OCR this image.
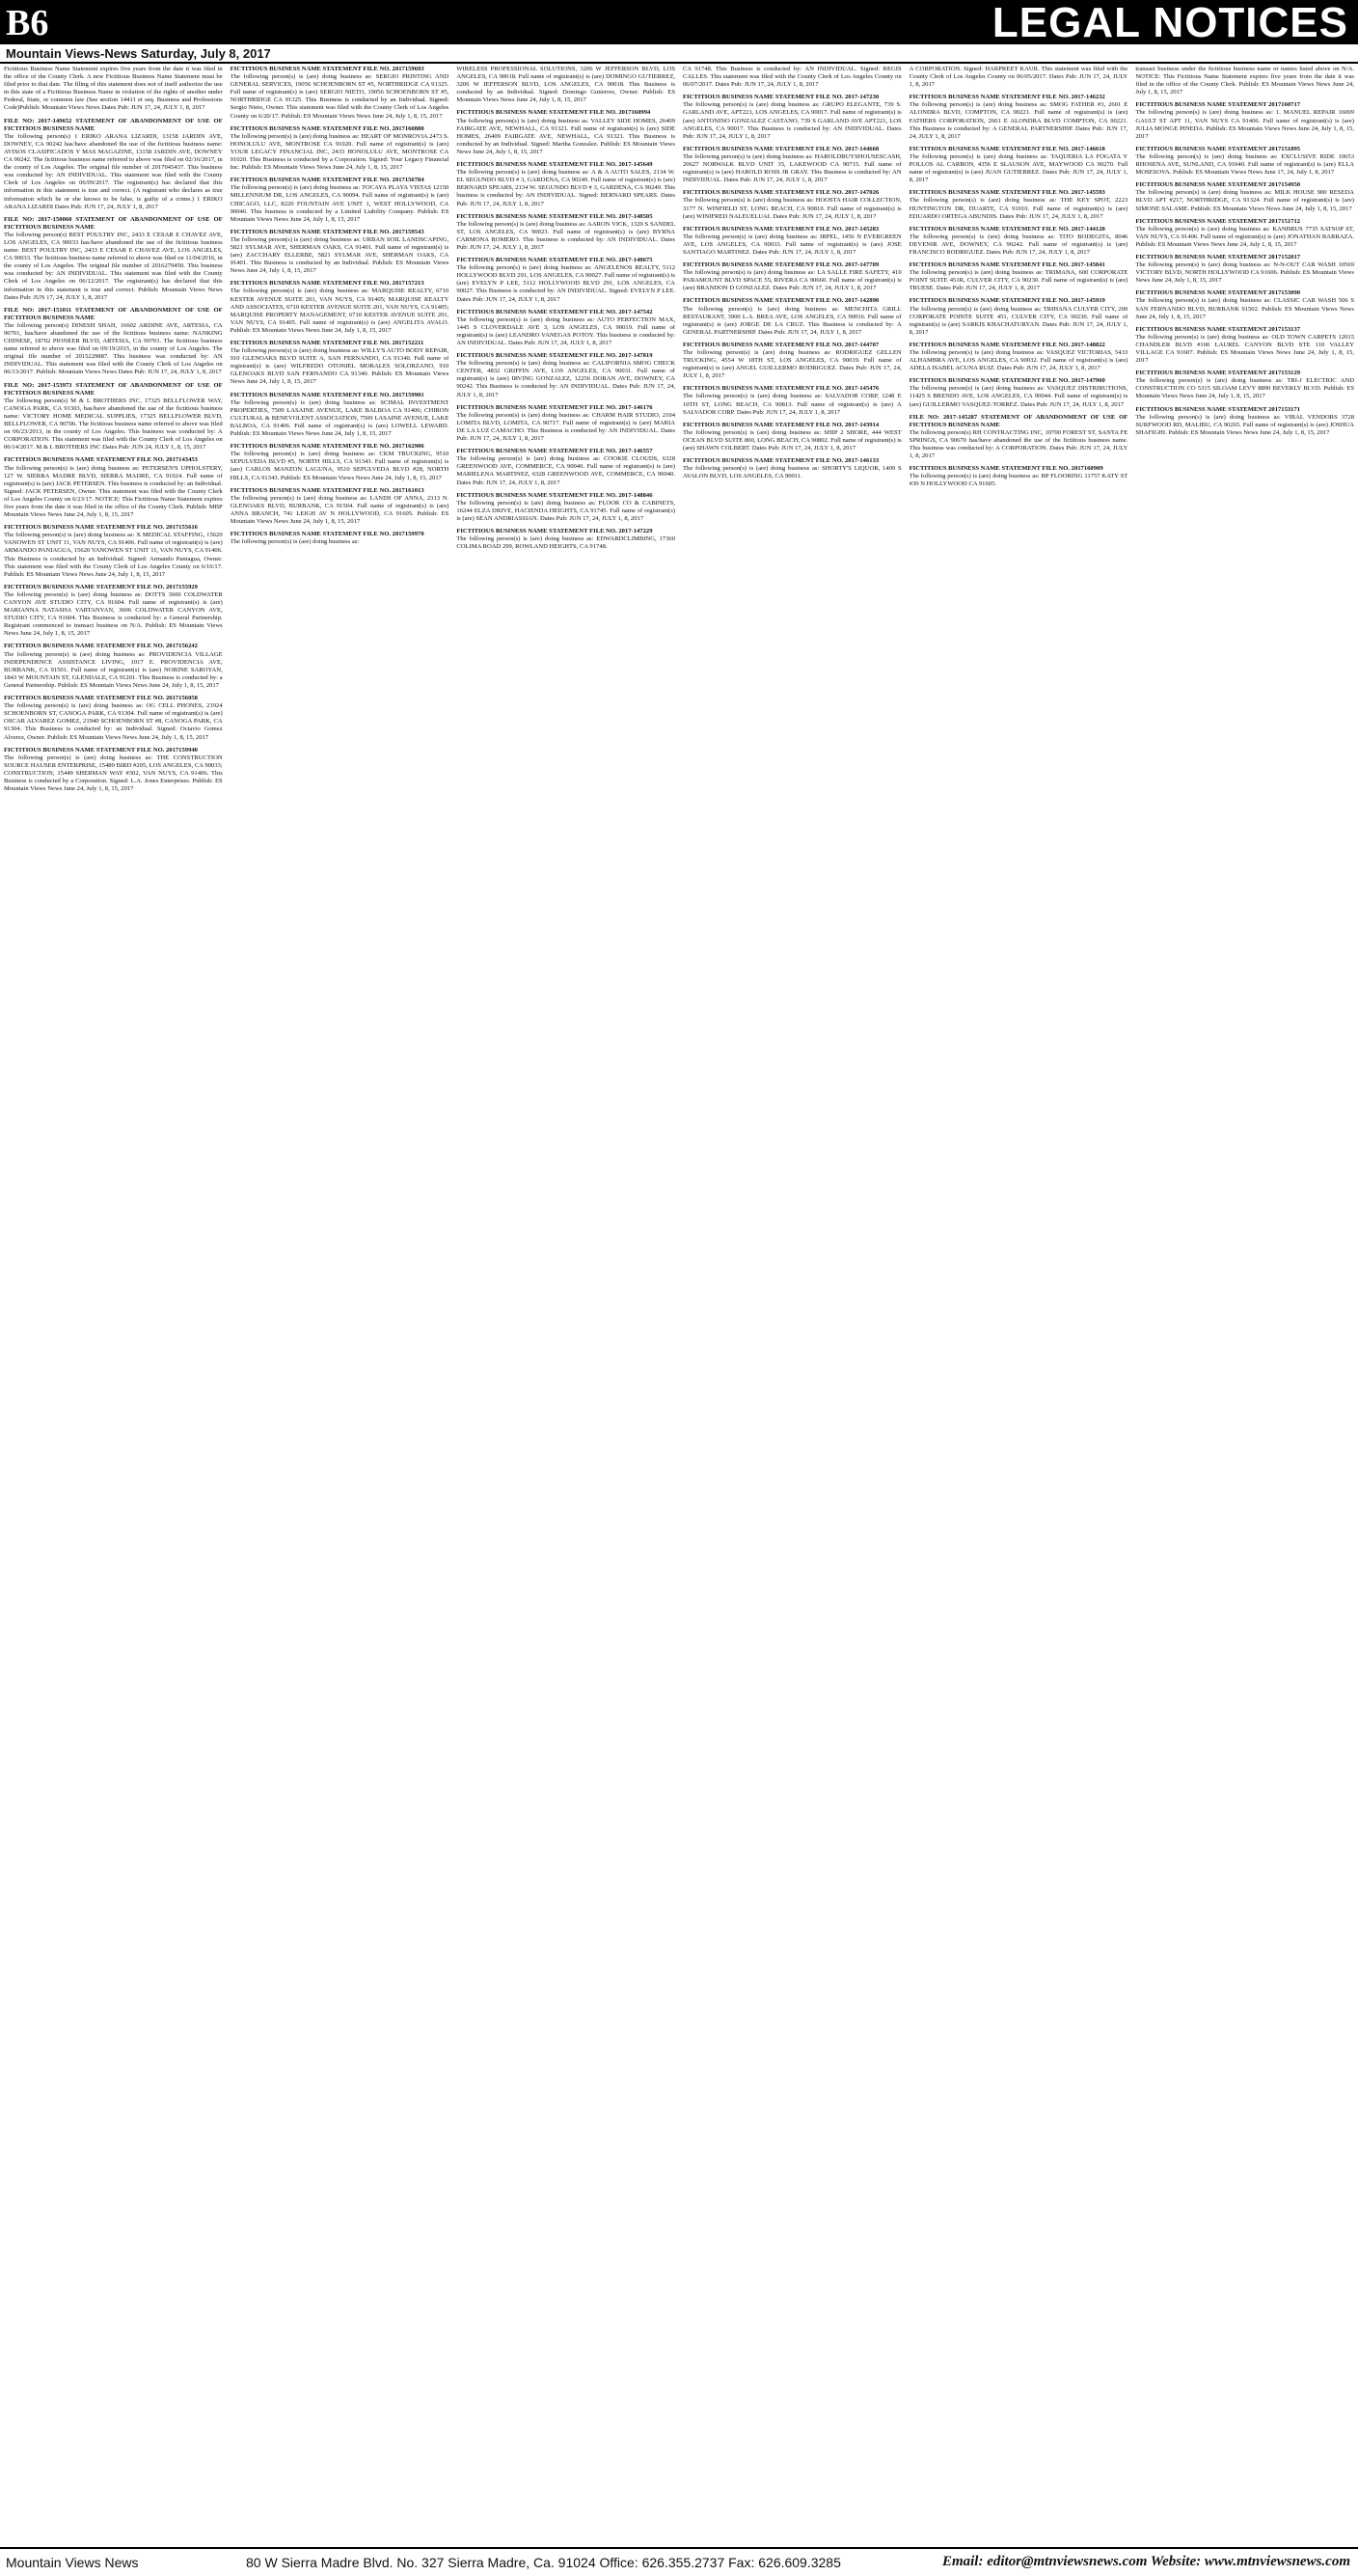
B6	LEGAL NOTICES
Mountain Views-News Saturday, July 8, 2017

Fictitious Business Name Statement expires five years from the date it was filed in the office of the County Clerk. A new Fictitious Business Name Statement must be filed prior to that date. The filing of this statement does not of itself authorize the use in this state of a Fictitious Business Name in violation of the rights of another under Federal, State, or common law (See section 14411 et seq. Business and Professions Code)Publish: Mountain Views News Dates Pub: JUN 17, 24, JULY 1, 8, 2017

FILE NO: 2017-149652 STATEMENT OF ABANDONMENT OF USE OF FICTITIOUS BUSINESS NAME

The following person(s) 1 ERIKO ARANA LIZARDI, 13158 JARDIN AVE, DOWNEY, CA 90242 has/have abandoned the use of the fictitious business name: AVISOS CLASIFICADOS Y MAS MAGAZINE, 13158 JARDIN AVE, DOWNEY CA 90242. The fictitious business name referred to above was filed on 02/16/2017, in the county of Los Angeles. The original file number of 2017045437. This business was conducted by: AN INDIVIDUAL. This statement was filed with the County Clerk of Los Angeles on 06/09/2017. The registrant(s) has declared that this information in this statement is true and correct. (A registrant who declares as true information which he or she knows to be false, is guilty of a crime.) 1 ERIKO ARANA LIZARDI Dates Pub: JUN 17, 24, JULY 1, 8, 2017

FILE NO: 2017-150060 STATEMENT OF ABANDONMENT OF USE OF FICTITIOUS BUSINESS NAME

The following person(s) BEST POULTRY INC, 2433 E CESAR E CHAVEZ AVE, LOS ANGELES, CA 90033 has/have abandoned the use of the fictitious business name: BEST POULTRY INC, 2433 E CESAR E CHAVEZ AVE, LOS ANGELES, CA 90033. The fictitious business name referred to above was filed on 11/04/2016, in the county of Los Angeles. The original file number of 2016279450. This business was conducted by: AN INDIVIDUAL. This statement was filed with the County Clerk of Los Angeles on 06/12/2017. The registrant(s) has declared that this information in this statement is true and correct. Publish: Mountain Views News Dates Pub: JUN 17, 24, JULY 1, 8, 2017

FILE NO: 2017-151011 STATEMENT OF ABANDONMENT OF USE OF FICTITIOUS BUSINESS NAME

The following person(s) DINESH SHAH, 16602 ARDINE AVE, ARTESIA, CA 90701, has/have abandoned the use of the fictitious business name: NANKING CHINESE, 18702 PIONEER BLVD, ARTESIA, CA 90701. The fictitious business name referred to above was filed on 09/19/2015, in the county of Los Angeles. The original file number of 2015229887. This business was conducted by: AN INDIVIDUAL. This statement was filed with the County Clerk of Los Angeles on 06/13/2017. Publish: Mountain Views News Dates Pub: JUN 17, 24, JULY 1, 8, 2017

FILE NO: 2017-153973 STATEMENT OF ABANDONMENT OF USE OF FICTITIOUS BUSINESS NAME

The following person(s) M & L BROTHERS INC, 17325 BELLFLOWER WAY, CANOGA PARK, CA 91303, has/have abandoned the use of the fictitious business name: VICTORY HOME MEDICAL SUPPLIES, 17325 BELLFLOWER BLVD, BELLFLOWER, CA 90706. The fictitious business name referred to above was filed on 06/23/2013, in the county of Los Angeles. This business was conducted by: A CORPORATION. This statement was filed with the County Clerk of Los Angeles on 06/14/2017. M & L BROTHERS INC Dates Pub: JUN 24, JULY 1, 8, 15, 2017

FICTITIOUS BUSINESS NAME STATEMENT FILE NO. 2017143453

The following person(s) is (are) doing business as: PETERSEN'S UPHOLSTERY, 127 W. SIERRA MADRE BLVD, SIERRA MADRE, CA 91024. Full name of registrant(s) is (are) JACK PETERSEN. This business is conducted by: an Individual. Signed: JACK PETERSEN, Owner. This statement was filed with the County Clerk of Los Angeles County on 6/23/17. NOTICE: This Fictitious Name Statement expires five years from the date it was filed in the office of the County Clerk. Publish: MBP Mountain Views News June 24, July 1, 8, 15, 2017

FICTITIOUS BUSINESS NAME STATEMENT FILE NO. 2017155616

The following person(s) is (are) doing business as: X MEDICAL STAFFING, 15620 VANOWEN ST UNIT 11, VAN NUYS, CA 91406. Full name of registrant(s) is (are) ARMANDO PANIAGUA, 15620 VANOWEN ST UNIT 11, VAN NUYS, CA 91406. This Business is conducted by an Individual. Signed: Armando Paniagua, Owner. This statement was filed with the County Clerk of Los Angeles County on 6/16/17. Publish: ES Mountain Views News June 24, July 1, 8, 15, 2017

FICTITIOUS BUSINESS NAME STATEMENT FILE NO. 2017155929

The following person(s) is (are) doing business as: DOTTS 3600 COLDWATER CANYON AVE STUDIO CITY, CA 91604. Full name of registrant(s) is (are) MARIANNA NATASHA VARTANYAN, 3606 COLDWATER CANYON AVE, STUDIO CITY, CA 91604. This Business is conducted by: a General Partnership. Registrant commenced to transact business on N/A. Publish: ES Mountain Views News June 24, July 1, 8, 15, 2017

FICTITIOUS BUSINESS NAME STATEMENT FILE NO. 2017156242

The following person(s) is (are) doing business as: PROVIDENCIA VILLAGE INDEPENDENCE ASSISTANCE LIVING, 1017 E. PROVIDENCIA AVE, BURBANK, CA 91501. Full name of registrant(s) is (are) NORINE SAROYAN, 1843 W MOUNTAIN ST, GLENDALE, CA 91201. This Business is conducted by: a General Partnership. Publish: ES Mountain Views News June 24, July 1, 8, 15, 2017

FICTITIOUS BUSINESS NAME STATEMENT FILE NO. 2017156058

The following person(s) is (are) doing business as: OG CELL PHONES, 21924 SCHOENBORN ST, CANOGA PARK, CA 91304. Full name of registrant(s) is (are) OSCAR ALVAREZ GOMEZ, 21940 SCHOENBORN ST #8, CANOGA PARK, CA 91304. This Business is conducted by: an Individual. Signed: Octavio Gomez Alverez, Owner. Publish: ES Mountain Views News June 24, July 1, 8, 15, 2017

FICTITIOUS BUSINESS NAME STATEMENT FILE NO. 2017159940

The following person(s) is (are) doing business as: THE CONSTRUCTION SOURCE HAUSER ENTERPRISE, 15489 BIRD #205, LOS ANGELES, CA 90033; CONSTRUCTION, 15449 SHERMAN WAY #302, VAN NUYS, CA 91406. This Business is conducted by a Corporation. Signed: L.A. Jones Enterprises. Publish: ES Mountain Views News June 24, July 1, 8, 15, 2017

FICTITIOUS BUSINESS NAME STATEMENT FILE NO. 2017159693

The following person(s) is (are) doing business as: SERGIO PRINTING AND GENERAL SERVICES, 19056 SCHOENBORN ST #5, NORTHRIDGE CA 91325. Full name of registrant(s) is (are) SERGIO NIETO, 19056 SCHOENBORN ST #5, NORTHRIDGE CA 91325. This Business is conducted by an Individual. Signed: Sergio Nieto, Owner. This statement was filed with the County Clerk of Los Angeles County on 6/20/17. Publish: ES Mountain Views News June 24, July 1, 8, 15, 2017

FICTITIOUS BUSINESS NAME STATEMENT FILE NO. 2017160880

The following person(s) is (are) doing business as: HEART OF MONROVIA 2473 S. HONOLULU AVE, MONTROSE CA 91020. Full name of registrant(s) is (are) YOUR LEGACY FINANCIAL INC, 2433 HONOLULU AVE, MONTROSE CA 91020. This Business is conducted by a Corporation. Signed: Your Legacy Financial Inc. Publish: ES Mountain Views News June 24, July 1, 8, 15, 2017

FICTITIOUS BUSINESS NAME STATEMENT FILE NO. 2017156784

The following person(s) is (are) doing business as: TOCAYA PLAYA VISTAS 12150 MILLENNIUM DR, LOS ANGELES, CA 90094. Full name of registrant(s) is (are) CHICAGO, LLC, 8220 FOUNTAIN AVE UNIT 1, WEST HOLLYWOOD, CA 90046. This business is conducted by a Limited Liability Company. Publish: ES Mountain Views News June 24, July 1, 8, 15, 2017

FICTITIOUS BUSINESS NAME STATEMENT FILE NO. 2017159543

The following person(s) is (are) doing business as: URBAN SOIL LANDSCAPING, 5821 SYLMAR AVE, SHERMAN OAKS, CA 91401. Full name of registrant(s) is (are) ZACCHARY ELLERBE, 5821 SYLMAR AVE, SHERMAN OAKS, CA 91401. This Business is conducted by an Individual. Publish: ES Mountain Views News June 24, July 1, 8, 15, 2017

FICTITIOUS BUSINESS NAME STATEMENT FILE NO. 2017157213

The following person(s) is (are) doing business as: MARQUISE REALTY, 6710 KESTER AVENUE SUITE 201, VAN NUYS, CA 91405; MARQUISE REALTY AND ASSOCIATES, 6710 KESTER AVENUE SUITE 201, VAN NUYS, CA 91405; MARQUISE PROPERTY MANAGEMENT, 6710 KESTER AVENUE SUITE 201, VAN NUYS, CA 91405. Full name of registrant(s) is (are) ANGELITA AVALO. Publish: ES Mountain Views News June 24, July 1, 8, 15, 2017

FICTITIOUS BUSINESS NAME STATEMENT FILE NO. 2017152211

The following person(s) is (are) doing business as: WILLY'S AUTO BODY REPAIR, 910 GLENOAKS BLVD SUITE A, SAN FERNANDO, CA 91340. Full name of registrant(s) is (are) WILFREDO OTONIEL MORALES SOLORZANO, 910 GLENOAKS BLVD SAN FERNANDO CA 91340. Publish: ES Mountain Views News June 24, July 1, 8, 15, 2017

FICTITIOUS BUSINESS NAME STATEMENT FILE NO. 2017159901

The following person(s) is (are) doing business as: SCIMAL INVESTMENT PROPERTIES, 7509 LASAINE AVENUE, LAKE BALBOA CA 91406; CHIRON CULTURAL & BENEVOLENT ASSOCIATION, 7509 LASAINE AVENUE, LAKE BALBOA, CA 91406. Full name of registrant(s) is (are) LOWELL LEWARD. Publish: ES Mountain Views News June 24, July 1, 8, 15, 2017

FICTITIOUS BUSINESS NAME STATEMENT FILE NO. 2017162906

The following person(s) is (are) doing business as: CKM TRUCKING, 9510 SEPULVEDA BLVD #5, NORTH HILLS, CA 91343. Full name of registrant(s) is (are) CARLOS MANZON LAGUNA, 9510 SEPULVEDA BLVD #28, NORTH HILLS, CA 91343. Publish: ES Mountain Views News June 24, July 1, 8, 15, 2017

FICTITIOUS BUSINESS NAME STATEMENT FILE NO. 2017161013

The following person(s) is (are) doing business as: LANDS OF ANNA, 2313 N. GLENOAKS BLVD, BURBANK, CA 91504. Full name of registrant(s) is (are) ANNA BRANCH, 741 LEIGH AV N HOLLYWOOD, CA 91605. Publish: ES Mountain Views News June 24, July 1, 8, 15, 2017

FICTITIOUS BUSINESS NAME STATEMENT FILE NO. 2017159970

The following person(s) is (are) doing business as:

WIRELESS PROFESSIONAL SOLUTIONS, 3206 W JEFFERSON BLVD, LOS ANGELES, CA 90018. Full name of registrant(s) is (are) DOMINGO GUTIERREZ, 3206 W JEFFERSON BLVD, LOS ANGELES, CA 90018. This Business is conducted by an Individual. Signed: Domingo Gutierrez, Owner. Publish: ES Mountain Views News June 24, July 1, 8, 15, 2017

FICTITIOUS BUSINESS NAME STATEMENT FILE NO. 2017160994

The following person(s) is (are) doing business as: VALLEY SIDE HOMES, 26409 FAIRGATE AVE, NEWHALL, CA 91321. Full name of registrant(s) is (are) SIDE HOMES, 26409 FAIRGATE AVE, NEWHALL, CA 91321. This Business is conducted by an Individual. Signed: Martha Gonzalez. Publish: ES Mountain Views News June 24, July 1, 8, 15, 2017

FICTITIOUS BUSINESS NAME STATEMENT FILE NO. 2017-145649

The following person(s) is (are) doing business as: A & A AUTO SALES, 2134 W. EL SEGUNDO BLVD # 3, GARDENA, CA 90249. Full name of registrant(s) is (are) BERNARD SPEARS, 2134 W. SEGUNDO BLVD # 3, GARDENA, CA 90249. This business is conducted by: AN INDIVIDUAL. Signed: BERNARD SPEARS. Dates Pub: JUN 17, 24, JULY 1, 8, 2017

FICTITIOUS BUSINESS NAME STATEMENT FILE NO. 2017-148505

The following person(s) is (are) doing business as: AARON VICK, 1329 S SANDEL ST, LOS ANGELES, CA 90023. Full name of registrant(s) is (are) BYRNA CARMONA ROMERO. This business is conducted by: AN INDIVIDUAL. Dates Pub: JUN 17, 24, JULY 1, 8, 2017

FICTITIOUS BUSINESS NAME STATEMENT FILE NO. 2017-148675

The following person(s) is (are) doing business as: ANGELENOS REALTY, 5112 HOLLYWOOD BLVD 291, LOS ANGELES, CA 90027. Full name of registrant(s) is (are) EVELYN P LEE, 5112 HOLLYWOOD BLVD 291, LOS ANGELES, CA 90027. This Business is conducted by: AN INDIVIDUAL. Signed: EVELYN P LEE. Dates Pub: JUN 17, 24, JULY 1, 8, 2017

FICTITIOUS BUSINESS NAME STATEMENT FILE NO. 2017-147542

The following person(s) is (are) doing business as: AUTO PERFECTION MAX, 1445 S CLOVERDALE AVE 3, LOS ANGELES, CA 90019. Full name of registrant(s) is (are) LEANDRO VANEGAS POTOY. This business is conducted by: AN INDIVIDUAL. Dates Pub: JUN 17, 24, JULY 1, 8, 2017

FICTITIOUS BUSINESS NAME STATEMENT FILE NO. 2017-147819

The following person(s) is (are) doing business as: CALIFORNIA SMOG CHECK CENTER, 4832 GRIFFIN AVE, LOS ANGELES, CA 90031. Full name of registrant(s) is (are) IRVING GONZALEZ, 12256 DORAN AVE, DOWNEY, CA 90242. This Business is conducted by: AN INDIVIDUAL. Dates Pub: JUN 17, 24, JULY 1, 8, 2017

FICTITIOUS BUSINESS NAME STATEMENT FILE NO. 2017-146176

The following person(s) is (are) doing business as: CHARM HAIR STUDIO, 2104 LOMITA BLVD, LOMITA, CA 90717. Full name of registrant(s) is (are) MARIA DE LA LUZ CAMACHO. This Business is conducted by: AN INDIVIDUAL. Dates Pub: JUN 17, 24, JULY 1, 8, 2017

FICTITIOUS BUSINESS NAME STATEMENT FILE NO. 2017-146557

The following person(s) is (are) doing business as: COOKIE CLOUDS, 6328 GREENWOOD AVE, COMMERCE, CA 90040. Full name of registrant(s) is (are) MARIELENA MARTINEZ, 6328 GREENWOOD AVE, COMMERCE, CA 90040. Dates Pub: JUN 17, 24, JULY 1, 8, 2017

FICTITIOUS BUSINESS NAME STATEMENT FILE NO. 2017-148846

The following person(s) is (are) doing business as: FLOOR CO & CABINETS, 16244 ELZA DRIVE, HACIENDA HEIGHTS, CA 91745. Full name of registrant(s) is (are) SEAN ANDRIASSIAN. Dates Pub: JUN 17, 24, JULY 1, 8, 2017

FICTITIOUS BUSINESS NAME STATEMENT FILE NO. 2017-147229

The following person(s) is (are) doing business as: EDWARDCLIMBING, 17360 COLIMA ROAD 299, ROWLAND HEIGHTS, CA 91748.

CA 91748. This Business is conducted by: AN INDIVIDUAL. Signed: REGIS CALLES. This statement was filed with the County Clerk of Los Angeles County on 06/07/2017. Dates Pub: JUN 17, 24, JULY 1, 8, 2017

FICTITIOUS BUSINESS NAME STATEMENT FILE NO. 2017-147230

The following person(s) is (are) doing business as: GRUPO ELEGANTE, 739 S. GARLAND AVE, APT221, LOS ANGELES, CA 90017. Full name of registrant(s) is (are) ANTONINO GONZALEZ CASTANO, 739 S GARLAND AVE APT221, LOS ANGELES, CA 90017. This Business is conducted by: AN INDIVIDUAL. Dates Pub: JUN 17, 24, JULY 1, 8, 2017

FICTITIOUS BUSINESS NAME STATEMENT FILE NO. 2017-144668

The following person(s) is (are) doing business as: HAROLDBUYSHOUSESCASH, 20627 NORWALK BLVD UNIT 35, LAKEWOOD CA 90715. Full name of registrant(s) is (are) HAROLD ROSS JR GRAY. This Business is conducted by: AN INDIVIDUAL. Dates Pub: JUN 17, 24, JULY 1, 8, 2017

FICTITIOUS BUSINESS NAME STATEMENT FILE NO. 2017-147026

The following person(s) is (are) doing business as: HOOSTA HAIR COLLECTION, 3177 N. WINFIELD ST, LONG BEACH, CA 90810. Full name of registrant(s) is (are) WINIFRED NALEUELUAI. Dates Pub: JUN 17, 24, JULY 1, 8, 2017

FICTITIOUS BUSINESS NAME STATEMENT FILE NO. 2017-145283

The following person(s) is (are) doing business as: IRPEL, 1456 N EVERGREEN AVE, LOS ANGELES, CA 90033. Full name of registrant(s) is (are) JOSE SANTIAGO MARTINEZ. Dates Pub: JUN 17, 24, JULY 1, 8, 2017

FICTITIOUS BUSINESS NAME STATEMENT FILE NO. 2017-147709

The following person(s) is (are) doing business as: LA SALLE FIRE SAFETY, 410 PARAMOUNT BLVD SPACE 55, RIVERA CA 90660. Full name of registrant(s) is (are) BRANDON D GONZALEZ. Dates Pub: JUN 17, 24, JULY 1, 8, 2017

FICTITIOUS BUSINESS NAME STATEMENT FILE NO. 2017-142890

The following person(s) is (are) doing business as: MENCHITA GRILL RESTAURANT, 3900 L.A. BREA AVE, LOS ANGELES, CA 90016. Full name of registrant(s) is (are) JORGE DE LA CRUZ. This Business is conducted by: A GENERAL PARTNERSHIP. Dates Pub: JUN 17, 24, JULY 1, 8, 2017

FICTITIOUS BUSINESS NAME STATEMENT FILE NO. 2017-144707

The following person(s) is (are) doing business as: RODRIGUEZ GELLEN TRUCKING, 4554 W 18TH ST, LOS ANGELES, CA 90019. Full name of registrant(s) is (are) ANGEL GUILLERMO RODRIGUEZ. Dates Pub: JUN 17, 24, JULY 1, 8, 2017

FICTITIOUS BUSINESS NAME STATEMENT FILE NO. 2017-145476

The following person(s) is (are) doing business as: SALVADOR CORP, 1248 E 10TH ST, LONG BEACH, CA 90813. Full name of registrant(s) is (are) A SALVADOR CORP. Dates Pub: JUN 17, 24, JULY 1, 8, 2017

FICTITIOUS BUSINESS NAME STATEMENT FILE NO. 2017-143914

The following person(s) is (are) doing business as: SHIP 2 SHORE, 444 WEST OCEAN BLVD SUITE 800, LONG BEACH, CA 90802. Full name of registrant(s) is (are) SHAWN COLBERT. Dates Pub: JUN 17, 24, JULY 1, 8, 2017

FICTITIOUS BUSINESS NAME STATEMENT FILE NO. 2017-146133

The following person(s) is (are) doing business as: SHORTY'S LIQUOR, 1409 S AVALON BLVD, LOS ANGELES, CA 90011.

A CORPORATION. Signed: HARPREET KAUR. This statement was filed with the County Clerk of Los Angeles County on 06/05/2017. Dates Pub: JUN 17, 24, JULY 1, 8, 2017

FICTITIOUS BUSINESS NAME STATEMENT FILE NO. 2017-146232

The following person(s) is (are) doing business as: SMOG FATHER #3, 2601 E ALONDRA BLVD, COMPTON, CA 90221. Full name of registrant(s) is (are) FATHERS CORPORATION, 2601 E ALONDRA BLVD COMPTON, CA 90221. This Business is conducted by: A GENERAL PARTNERSHIP. Dates Pub: JUN 17, 24, JULY 1, 8, 2017

FICTITIOUS BUSINESS NAME STATEMENT FILE NO. 2017-146618

The following person(s) is (are) doing business as: TAQUERIA LA FOGATA Y POLLOS AL CARBON, 4356 E SLAUSON AVE, MAYWOOD CA 90270. Full name of registrant(s) is (are) JUAN GUTIERREZ. Dates Pub: JUN 17, 24, JULY 1, 8, 2017

FICTITIOUS BUSINESS NAME STATEMENT FILE NO. 2017-145593

The following person(s) is (are) doing business as: THE KEY SPOT, 2223 HUNTINGTON DR, DUARTE, CA 91010. Full name of registrant(s) is (are) EDUARDO ORTEGA ABUNDIS. Dates Pub: JUN 17, 24, JULY 1, 8, 2017

FICTITIOUS BUSINESS NAME STATEMENT FILE NO. 2017-144120

The following person(s) is (are) doing business as: TITO BODEGITA, 8046 DEVENIR AVE, DOWNEY, CA 90242. Full name of registrant(s) is (are) FRANCISCO RODRIGUEZ. Dates Pub: JUN 17, 24, JULY 1, 8, 2017

FICTITIOUS BUSINESS NAME STATEMENT FILE NO. 2017-145841

The following person(s) is (are) doing business as: TRIMANA, 600 CORPORATE POINT SUITE 451R, CULVER CITY, CA 90230. Full name of registrant(s) is (are) TRUESE. Dates Pub: JUN 17, 24, JULY 1, 8, 2017

FICTITIOUS BUSINESS NAME STATEMENT FILE NO. 2017-145919

The following person(s) is (are) doing business as: TRIHANA CULVER CITY, 200 CORPORATE POINTE SUITE 451, CULVER CITY, CA 90230. Full name of registrant(s) is (are) SARKIS KHACHATURYAN. Dates Pub: JUN 17, 24, JULY 1, 8, 2017

FICTITIOUS BUSINESS NAME STATEMENT FILE NO. 2017-148822

The following person(s) is (are) doing business as: VASQUEZ VICTORIAS, 5433 ALHAMBRA AVE, LOS ANGELES, CA 90032. Full name of registrant(s) is (are) ADELA ISABEL ACUNA RUIZ. Dates Pub: JUN 17, 24, JULY 1, 8, 2017

FICTITIOUS BUSINESS NAME STATEMENT FILE NO. 2017-147960

The following person(s) is (are) doing business as: VASQUEZ DISTRIBUTIONS, 11425 S BRENDO AVE, LOS ANGELES, CA 90044. Full name of registrant(s) is (are) GUILLERMO VASQUEZ-TORREZ. Dates Pub: JUN 17, 24, JULY 1, 8, 2017

FILE NO: 2017-145287 STATEMENT OF ABANDONMENT OF USE OF FICTITIOUS BUSINESS NAME

The following person(s) RH CONTRACTING INC, 10700 FOREST ST, SANTA FE SPRINGS, CA 90670 has/have abandoned the use of the fictitious business name. This business was conducted by: A CORPORATION. Dates Pub: JUN 17, 24, JULY 1, 8, 2017

FICTITIOUS BUSINESS NAME STATEMENT FILE NO. 2017160909

The following person(s) is (are) doing business as: BP FLOORING 11757 KATY ST #30 N HOLLYWOOD CA 91605.

transact business under the fictitious business name or names listed above on N/A. NOTICE: This Fictitious Name Statement expires five years from the date it was filed in the office of the County Clerk. Publish: ES Mountain Views News June 24, July 1, 8, 15, 2017

FICTITIOUS BUSINESS NAME STATEMENT 2017160717

The following person(s) is (are) doing business as: 1. MANUEL REPAIR 16009 GAULT ST APT 11, VAN NUYS CA 91406. Full name of registrant(s) is (are) JULIA MONGE PINEDA. Publish: ES Mountain Views News June 24, July 1, 8, 15, 2017

FICTITIOUS BUSINESS NAME STATEMENT 2017151895

The following person(s) is (are) doing business as: EXCLUSIVE RIDE 10653 RHOSENA AVE, SUNLAND, CA 91040. Full name of registrant(s) is (are) ELLA MOSESOVA. Publish: ES Mountain Views News June 17, 24, July 1, 8, 2017

FICTITIOUS BUSINESS NAME STATEMENT 2017154950

The following person(s) is (are) doing business as: MILK HOUSE 900 RESEDA BLVD APT #217, NORTHRIDGE, CA 91324. Full name of registrant(s) is (are) SIMONE SALAME. Publish: ES Mountain Views News June 24, July 1, 8, 15, 2017

FICTITIOUS BUSINESS NAME STATEMENT 2017151712

The following person(s) is (are) doing business as: KANBRUS 7735 SATSOP ST, VAN NUYS, CA 91406. Full name of registrant(s) is (are) JONATHAN BARRAZA. Publish: ES Mountain Views News June 24, July 1, 8, 15, 2017

FICTITIOUS BUSINESS NAME STATEMENT 2017152017

The following person(s) is (are) doing business as: N-N-OUT CAR WASH 10569 VICTORY BLVD, NORTH HOLLYWOOD CA 91606. Publish: ES Mountain Views News June 24, July 1, 8, 15, 2017

FICTITIOUS BUSINESS NAME STATEMENT 2017153090

The following person(s) is (are) doing business as: CLASSIC CAR WASH 506 S SAN FERNANDO BLVD, BURBANK 91502. Publish: ES Mountain Views News June 24, July 1, 8, 15, 2017

FICTITIOUS BUSINESS NAME STATEMENT 2017153137

The following person(s) is (are) doing business as: OLD TOWN CARPETS 12015 CHANDLER BLVD #100 LAUREL CANYON BLVD STE 110 VALLEY VILLAGE CA 91607. Publish: ES Mountain Views News June 24, July 1, 8, 15, 2017

FICTITIOUS BUSINESS NAME STATEMENT 2017153129

The following person(s) is (are) doing business as: TRI-J ELECTRIC AND CONSTRUCTION CO 5315 SILOAM LEVY 8890 BEVERLY BLVD. Publish: ES Mountain Views News June 24, July 1, 8, 15, 2017

FICTITIOUS BUSINESS NAME STATEMENT 2017153171

The following person(s) is (are) doing business as: VIRAL VENDORS 3728 SURFWOOD RD, MALIBU, CA 90265. Full name of registrant(s) is (are) JOSHUA SHAFIGHI. Publish: ES Mountain Views News June 24, July 1, 8, 15, 2017

Mountain Views News	80 W Sierra Madre Blvd. No. 327 Sierra Madre, Ca. 91024 Office: 626.355.2737 Fax: 626.609.3285	Email: editor@mtnviewsnews.com Website: www.mtnviewsnews.com
